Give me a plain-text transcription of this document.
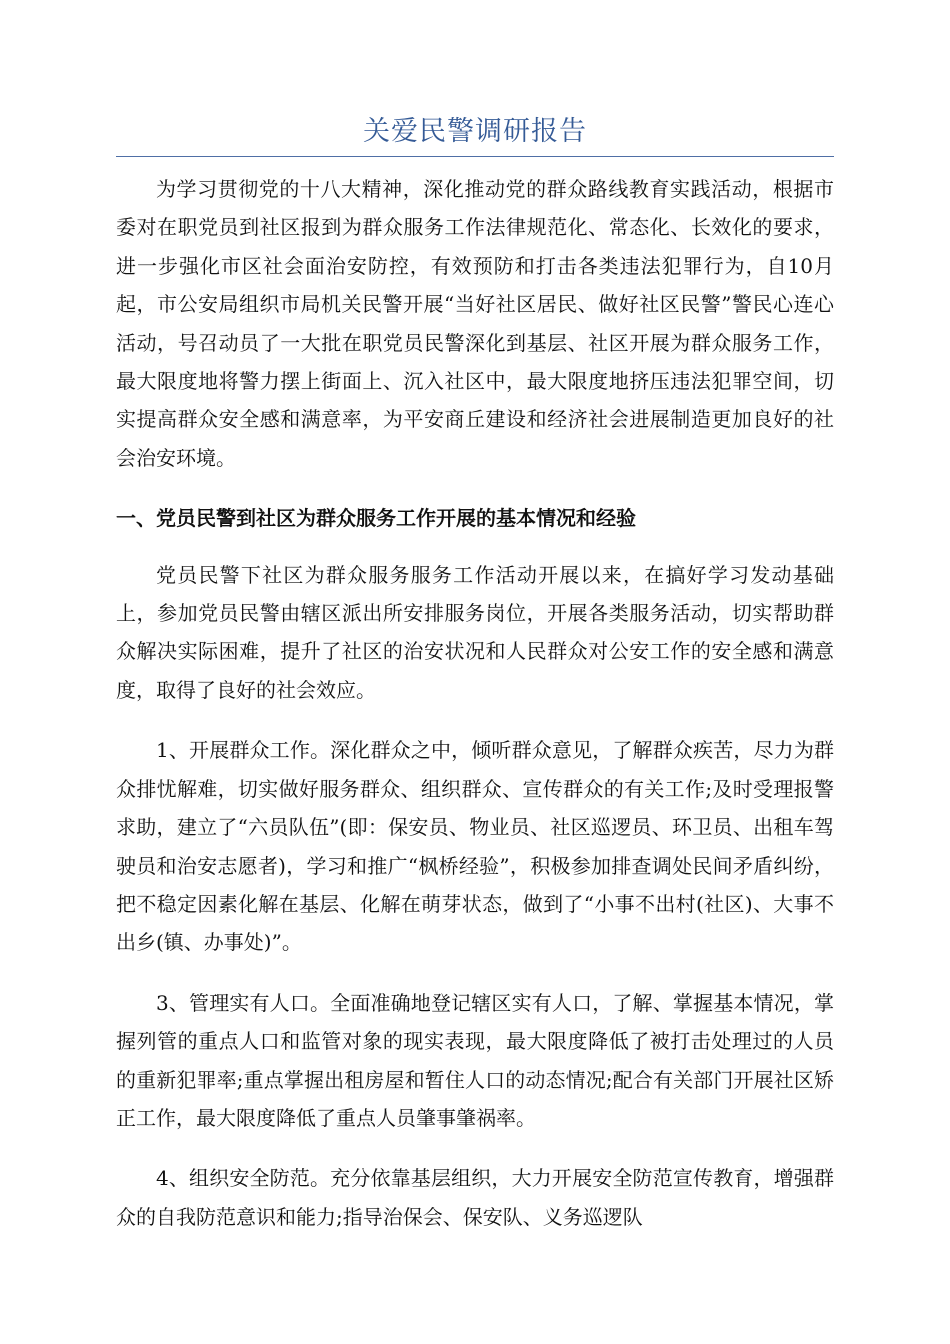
关爱民警调研报告

为学习贯彻党的十八大精神，深化推动党的群众路线教育实践活动，根据市委对在职党员到社区报到为群众服务工作法律规范化、常态化、长效化的要求，进一步强化市区社会面治安防控，有效预防和打击各类违法犯罪行为，自10月起，市公安局组织市局机关民警开展“当好社区居民、做好社区民警”警民心连心活动，号召动员了一大批在职党员民警深化到基层、社区开展为群众服务工作，最大限度地将警力摆上街面上、沉入社区中，最大限度地挤压违法犯罪空间，切实提高群众安全感和满意率，为平安商丘建设和经济社会进展制造更加良好的社会治安环境。

一、党员民警到社区为群众服务工作开展的基本情况和经验

党员民警下社区为群众服务服务工作活动开展以来，在搞好学习发动基础上，参加党员民警由辖区派出所安排服务岗位，开展各类服务活动，切实帮助群众解决实际困难，提升了社区的治安状况和人民群众对公安工作的安全感和满意度，取得了良好的社会效应。

1、开展群众工作。深化群众之中，倾听群众意见，了解群众疾苦，尽力为群众排忧解难，切实做好服务群众、组织群众、宣传群众的有关工作;及时受理报警求助，建立了“六员队伍”(即：保安员、物业员、社区巡逻员、环卫员、出租车驾驶员和治安志愿者)，学习和推广“枫桥经验”，积极参加排查调处民间矛盾纠纷，把不稳定因素化解在基层、化解在萌芽状态，做到了“小事不出村(社区)、大事不出乡(镇、办事处)”。

3、管理实有人口。全面准确地登记辖区实有人口，了解、掌握基本情况，掌握列管的重点人口和监管对象的现实表现，最大限度降低了被打击处理过的人员的重新犯罪率;重点掌握出租房屋和暂住人口的动态情况;配合有关部门开展社区矫正工作，最大限度降低了重点人员肇事肇祸率。

4、组织安全防范。充分依靠基层组织，大力开展安全防范宣传教育，增强群众的自我防范意识和能力;指导治保会、保安队、义务巡逻队
